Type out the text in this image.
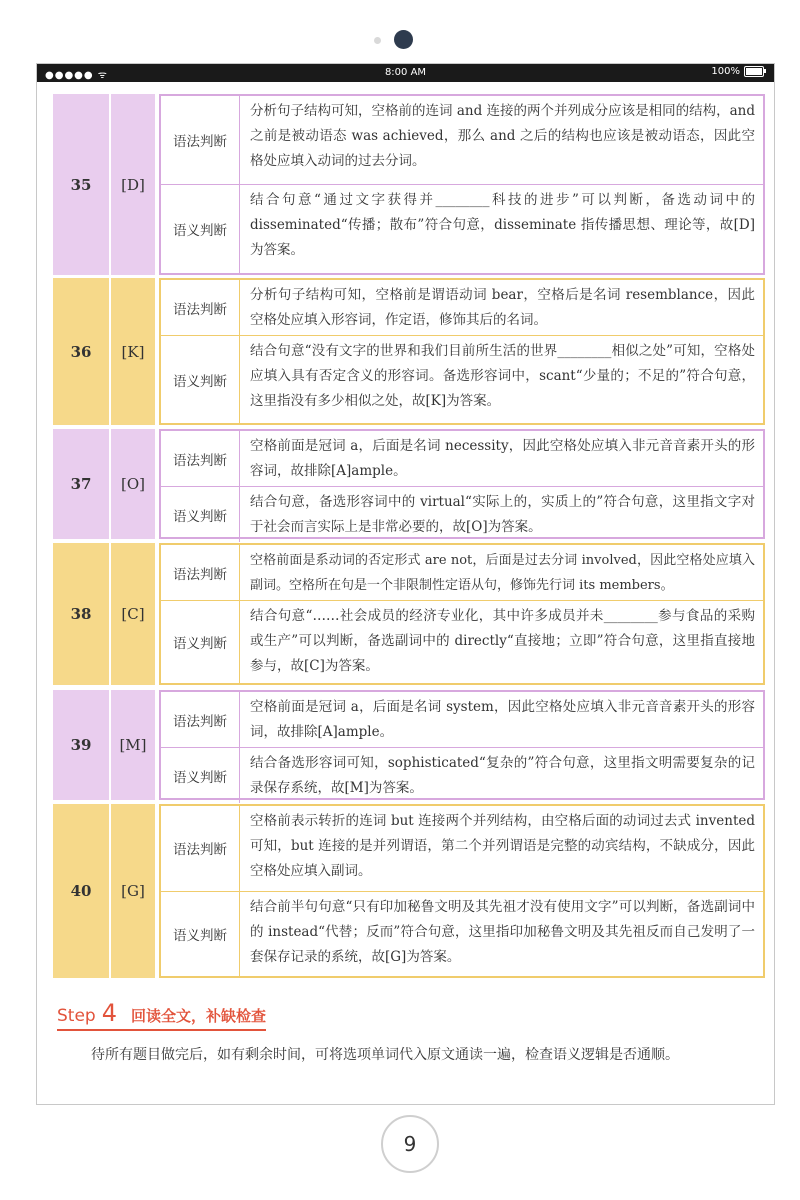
●●●●● ᯤ	8:00 AM	100%
35	[D]
语法判断
分析句子结构可知，空格前的连词 and 连接的两个并列成分应该是相同的结构，and 之前是被动语态 was achieved，那么 and 之后的结构也应该是被动语态，因此空格处应填入动词的过去分词。
语义判断
结合句意“通过文字获得并________科技的进步”可以判断，备选动词中的 disseminated“传播；散布”符合句意，disseminate 指传播思想、理论等，故[D]为答案。
36	[K]
语法判断
分析句子结构可知，空格前是谓语动词 bear，空格后是名词 resemblance，因此空格处应填入形容词，作定语，修饰其后的名词。
语义判断
结合句意“没有文字的世界和我们目前所生活的世界________相似之处”可知，空格处应填入具有否定含义的形容词。备选形容词中，scant“少量的；不足的”符合句意，这里指没有多少相似之处，故[K]为答案。
37	[O]
语法判断
空格前面是冠词 a，后面是名词 necessity，因此空格处应填入非元音音素开头的形容词，故排除[A]ample。
语义判断
结合句意，备选形容词中的 virtual“实际上的，实质上的”符合句意，这里指文字对于社会而言实际上是非常必要的，故[O]为答案。
38	[C]
语法判断
空格前面是系动词的否定形式 are not，后面是过去分词 involved，因此空格处应填入副词。空格所在句是一个非限制性定语从句，修饰先行词 its members。
语义判断
结合句意“……社会成员的经济专业化，其中许多成员并未________参与食品的采购或生产”可以判断，备选副词中的 directly“直接地；立即”符合句意，这里指直接地参与，故[C]为答案。
39	[M]
语法判断
空格前面是冠词 a，后面是名词 system，因此空格处应填入非元音音素开头的形容词，故排除[A]ample。
语义判断
结合备选形容词可知，sophisticated“复杂的”符合句意，这里指文明需要复杂的记录保存系统，故[M]为答案。
40	[G]
语法判断
空格前表示转折的连词 but 连接两个并列结构，由空格后面的动词过去式 invented 可知，but 连接的是并列谓语，第二个并列谓语是完整的动宾结构，不缺成分，因此空格处应填入副词。
语义判断
结合前半句句意“只有印加秘鲁文明及其先祖才没有使用文字”可以判断，备选副词中的 instead“代替；反而”符合句意，这里指印加秘鲁文明及其先祖反而自己发明了一套保存记录的系统，故[G]为答案。
Step 4 回读全文，补缺检查
待所有题目做完后，如有剩余时间，可将选项单词代入原文通读一遍，检查语义逻辑是否通顺。
9
